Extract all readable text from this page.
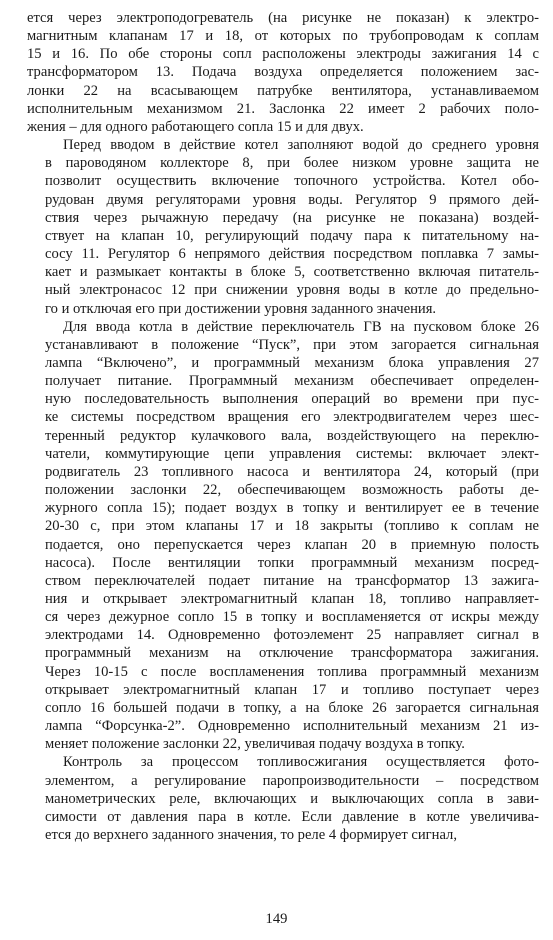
ется через электроподогреватель (на рисунке не показан) к электро-
магнитным клапанам 17 и 18, от которых по трубопроводам к соплам
15 и 16. По обе стороны сопл расположены электроды зажигания 14 с
трансформатором 13. Подача воздуха определяется положением зас-
лонки 22 на всасывающем патрубке вентилятора, устанавливаемом
исполнительным механизмом 21. Заслонка 22 имеет 2 рабочих поло-
жения – для одного работающего сопла 15 и для двух.
Перед вводом в действие котел заполняют водой до среднего уровня
в пароводяном коллекторе 8, при более низком уровне защита не
позволит осуществить включение топочного устройства. Котел обо-
рудован двумя регуляторами уровня воды. Регулятор 9 прямого дей-
ствия через рычажную передачу (на рисунке не показана) воздей-
ствует на клапан 10, регулирующий подачу пара к питательному на-
сосу 11. Регулятор 6 непрямого действия посредством поплавка 7 замы-
кает и размыкает контакты в блоке 5, соответственно включая питатель-
ный электронасос 12 при снижении уровня воды в котле до предельно-
го и отключая его при достижении уровня заданного значения.
Для ввода котла в действие переключатель ГВ на пусковом блоке 26
устанавливают в положение “Пуск”, при этом загорается сигнальная
лампа “Включено”, и программный механизм блока управления 27
получает питание. Программный механизм обеспечивает определен-
ную последовательность выполнения операций во времени при пус-
ке системы посредством вращения его электродвигателем через шес-
теренный редуктор кулачкового вала, воздействующего на переклю-
чатели, коммутирующие цепи управления системы: включает элект-
родвигатель 23 топливного насоса и вентилятора 24, который (при
положении заслонки 22, обеспечивающем возможность работы де-
журного сопла 15); подает воздух в топку и вентилирует ее в течение
20-30 с, при этом клапаны 17 и 18 закрыты (топливо к соплам не
подается, оно перепускается через клапан 20 в приемную полость
насоса). После вентиляции топки программный механизм посред-
ством переключателей подает питание на трансформатор 13 зажига-
ния и открывает электромагнитный клапан 18, топливо направляет-
ся через дежурное сопло 15 в топку и воспламеняется от искры между
электродами 14. Одновременно фотоэлемент 25 направляет сигнал в
программный механизм на отключение трансформатора зажигания.
Через 10-15 с после воспламенения топлива программный механизм
открывает электромагнитный клапан 17 и топливо поступает через
сопло 16 большей подачи в топку, а на блоке 26 загорается сигнальная
лампа “Форсунка-2”. Одновременно исполнительный механизм 21 из-
меняет положение заслонки 22, увеличивая подачу воздуха в топку.
Контроль за процессом топливосжигания осуществляется фото-
элементом, а регулирование паропроизводительности – посредством
манометрических реле, включающих и выключающих сопла в зави-
симости от давления пара в котле. Если давление в котле увеличива-
ется до верхнего заданного значения, то реле 4 формирует сигнал,
149
